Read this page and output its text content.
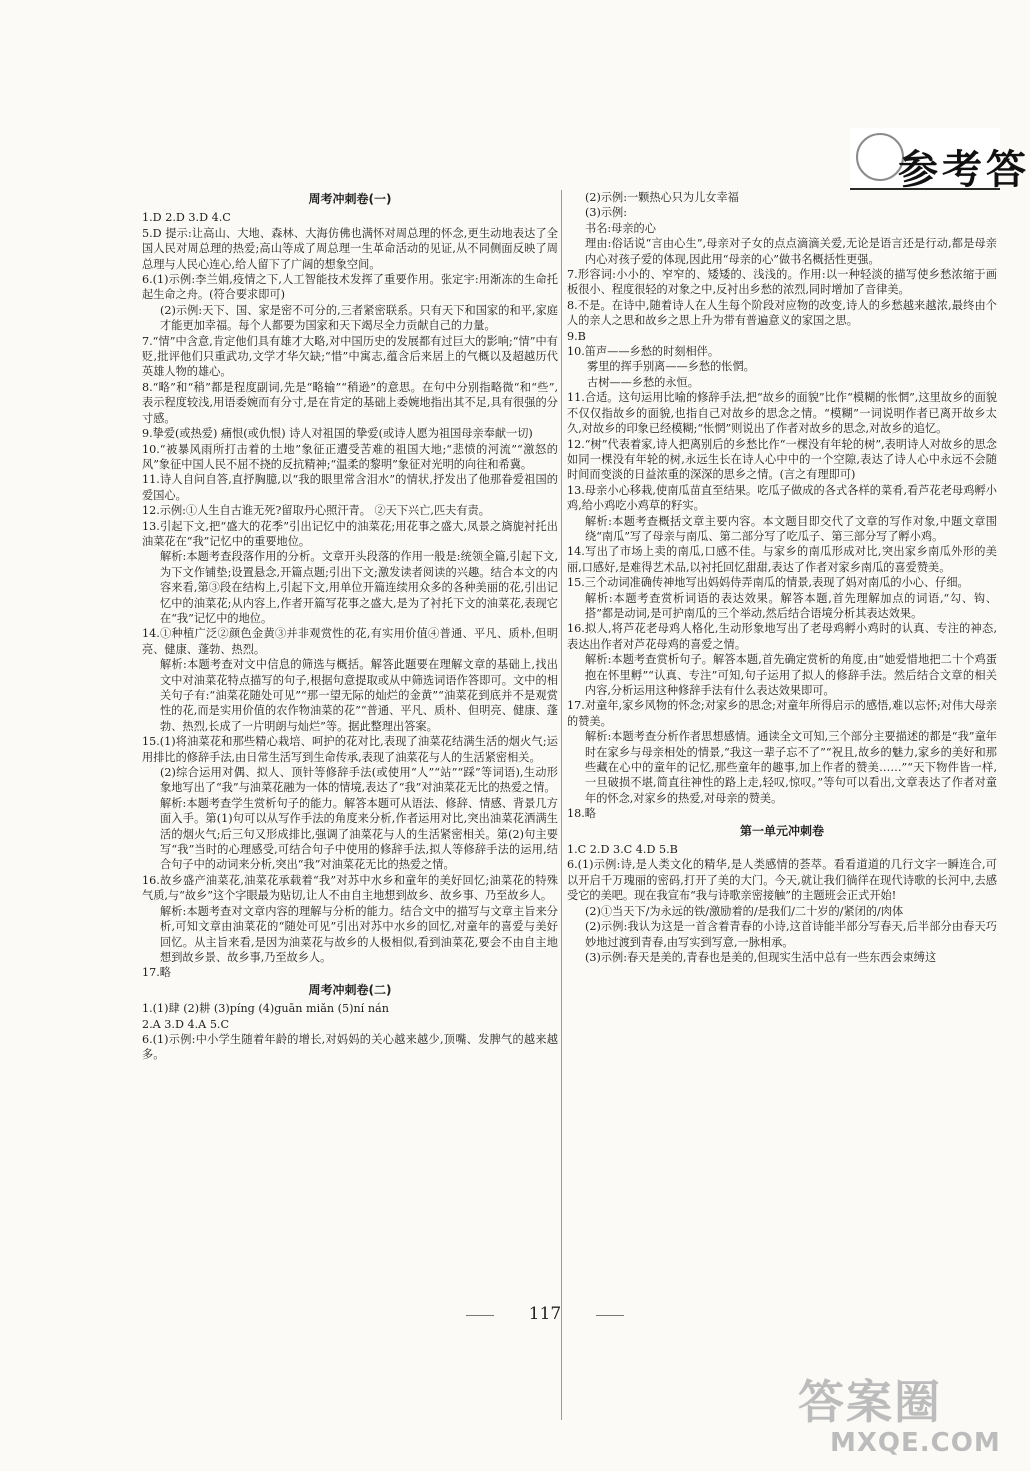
参考答
周考冲刺卷(一)
1.D 2.D 3.D 4.C
5.D 提示:让高山、大地、森林、大海仿佛也满怀对周总理的怀念,更生动地表达了全国人民对周总理的热爱;高山等成了周总理一生革命活动的见证,从不同侧面反映了周总理与人民心连心,给人留下了广阔的想象空间。
6.(1)示例:李兰娟,疫情之下,人工智能技术发挥了重要作用。张定宇:用渐冻的生命托起生命之舟。(符合要求即可)
(2)示例:天下、国、家是密不可分的,三者紧密联系。只有天下和国家的和平,家庭才能更加幸福。每个人都要为国家和天下竭尽全力贡献自己的力量。
7.“情”中含意,肯定他们具有雄才大略,对中国历史的发展都有过巨大的影响;“情”中有贬,批评他们只重武功,文学才华欠缺;“惜”中寓志,蕴含后来居上的气概以及超越历代英雄人物的雄心。
8.“略”和“稍”都是程度副词,先是“略输”“稍逊”的意思。在句中分别指略微“和“些”,表示程度较浅,用语委婉而有分寸,是在肯定的基础上委婉地指出其不足,具有很强的分寸感。
9.挚爱(或热爱) 痛恨(或仇恨) 诗人对祖国的挚爱(或诗人愿为祖国母亲奉献一切)
10.“被暴风雨所打击着的土地”象征正遭受苦难的祖国大地;“悲愤的河流”“激怒的风”象征中国人民不屈不挠的反抗精神;“温柔的黎明”象征对光明的向往和希冀。
11.诗人自问自答,直抒胸臆,以“我的眼里常含泪水”的情状,抒发出了他那眷爱祖国的爱国心。
12.示例:①人生自古谁无死?留取丹心照汗青。 ②天下兴亡,匹夫有责。
13.引起下文,把“盛大的花季”引出记忆中的油菜花;用花事之盛大,凤景之旖旎衬托出油菜花在“我”记忆中的重要地位。
解析:本题考查段落作用的分析。文章开头段落的作用一般是:统领全篇,引起下文,为下文作铺垫;设置悬念,开篇点题;引出下文;激发读者阅读的兴趣。结合本文的内容来看,第③段在结构上,引起下文,用单位开篇连续用众多的各种美丽的花,引出记忆中的油菜花;从内容上,作者开篇写花事之盛大,是为了衬托下文的油菜花,表现它在“我”记忆中的地位。
14.①种植广泛②颜色金黄③并非观赏性的花,有实用价值④普通、平凡、质朴,但明亮、健康、蓬勃、热烈。
解析:本题考查对文中信息的筛选与概括。解答此题要在理解文章的基础上,找出文中对油菜花特点描写的句子,根据句意提取或从中筛选词语作答即可。文中的相关句子有:“油菜花随处可见”“那一望无际的灿烂的金黄”“油菜花到底并不是观赏性的花,而是实用价值的农作物油菜的花”“普通、平凡、质朴、但明亮、健康、蓬勃、热烈,长成了一片明朗与灿烂”等。据此整理出答案。
15.(1)将油菜花和那些精心栽培、呵护的花对比,表现了油菜花结满生活的烟火气;运用排比的修辞手法,由日常生活写到生命传承,表现了油菜花与人的生活紧密相关。
(2)综合运用对偶、拟人、顶针等修辞手法(或使用“人”“站”“踩”等词语),生动形象地写出了“我”与油菜花融为一体的情境,表达了“我”对油菜花无比的热爱之情。
解析:本题考查学生赏析句子的能力。解答本题可从语法、修辞、情感、背景几方面入手。第(1)句可以从写作手法的角度来分析,作者运用对比,突出油菜花洒满生活的烟火气;后三句又形成排比,强调了油菜花与人的生活紧密相关。第(2)句主要写“我”当时的心理感受,可结合句子中使用的修辞手法,拟人等修辞手法的运用,结合句子中的动词来分析,突出“我”对油菜花无比的热爱之情。
16.故乡盛产油菜花,油菜花承载着“我”对苏中水乡和童年的美好回忆;油菜花的特殊气质,与“故乡”这个字眼最为贴切,让人不由自主地想到故乡、故乡事、乃至故乡人。
解析:本题考查对文章内容的理解与分析的能力。结合文中的描写与文章主旨来分析,可知文章由油菜花的“随处可见”引出对苏中水乡的回忆,对童年的喜爱与美好回忆。从主旨来看,是因为油菜花与故乡的人极相似,看到油菜花,要会不由自主地想到故乡景、故乡事,乃至故乡人。
17.略
周考冲刺卷(二)
1.(1)肆 (2)耕 (3)píng (4)guān miǎn (5)ní nán
2.A 3.D 4.A 5.C
6.(1)示例:中小学生随着年龄的增长,对妈妈的关心越来越少,顶嘴、发脾气的越来越多。
(2)示例:一颗热心只为儿女幸福
(3)示例:
书名:母亲的心
理由:俗话说“言由心生”,母亲对子女的点点滴滴关爱,无论是语言还是行动,都是母亲内心对孩子爱的体现,因此用“母亲的心”做书名概括性更强。
7.形容词:小小的、窄窄的、矮矮的、浅浅的。作用:以一种轻淡的描写使乡愁浓缩于画板很小、程度很轻的对象之中,反衬出乡愁的浓烈,同时增加了音律美。
8.不是。在诗中,随着诗人在人生每个阶段对应物的改变,诗人的乡愁越来越浓,最终由个人的亲人之思和故乡之思上升为带有普遍意义的家国之思。
9.B
10.笛声——乡愁的时刻相伴。
雾里的挥手别离——乡愁的怅惘。
古树——乡愁的永恒。
11.合适。这句运用比喻的修辞手法,把“故乡的面貌”比作“模糊的怅惘”,这里故乡的面貌不仅仅指故乡的面貌,也指自己对故乡的思念之情。“模糊”一词说明作者已离开故乡太久,对故乡的印象已经模糊;“怅惘”则说出了作者对故乡的思念,对故乡的追忆。
12.“树”代表着家,诗人把离别后的乡愁比作“一棵没有年轮的树”,表明诗人对故乡的思念如同一棵没有年轮的树,永远生长在诗人心中中的一个空隙,表达了诗人心中永远不会随时间而变淡的日益浓重的深深的思乡之情。(言之有理即可)
13.母亲小心移栽,使南瓜苗直至结果。吃瓜子做成的各式各样的菜肴,看芦花老母鸡孵小鸡,给小鸡吃小鸡草的籽实。
解析:本题考查概括文章主要内容。本文题目即交代了文章的写作对象,中题文章围绕“南瓜”写了母亲与南瓜、第二部分写了吃瓜子、第三部分写了孵小鸡。
14.写出了市场上卖的南瓜,口感不佳。与家乡的南瓜形成对比,突出家乡南瓜外形的美丽,口感好,是难得艺术品,以衬托回忆甜甜,表达了作者对家乡南瓜的喜爱赞美。
15.三个动词准确传神地写出妈妈侍弄南瓜的情景,表现了妈对南瓜的小心、仔细。
解析:本题考查赏析词语的表达效果。解答本题,首先理解加点的词语,“勾、钩、搭”都是动词,是可护南瓜的三个举动,然后结合语境分析其表达效果。
16.拟人,将芦花老母鸡人格化,生动形象地写出了老母鸡孵小鸡时的认真、专注的神态,表达出作者对芦花母鸡的喜爱之情。
解析:本题考查赏析句子。解答本题,首先确定赏析的角度,由“她爱惜地把二十个鸡蛋抱在怀里孵”“认真、专注”可知,句子运用了拟人的修辞手法。然后结合文章的相关内容,分析运用这种修辞手法有什么表达效果即可。
17.对童年,家乡风物的怀念;对家乡的思念;对童年所得启示的感悟,难以忘怀;对伟大母亲的赞美。
解析:本题考查分析作者思想感情。通读全文可知,三个部分主要描述的都是“我”童年时在家乡与母亲相处的情景,“我这一辈子忘不了”“祝且,故乡的魅力,家乡的美好和那些藏在心中的童年的记忆,那些童年的趣事,加上作者的赞美……”“天下物件皆一样,一旦破损不堪,简直往神性的路上走,轻叹,惊叹。”等句可以看出,文章表达了作者对童年的怀念,对家乡的热爱,对母亲的赞美。
18.略
第一单元冲刺卷
1.C 2.D 3.C 4.D 5.B
6.(1)示例:诗,是人类文化的精华,是人类感情的荟萃。看看道道的几行文字一瞬连合,可以开启千万瑰丽的密码,打开了美的大门。今天,就让我们徜徉在现代诗歌的长河中,去感受它的美吧。现在我宣布“我与诗歌亲密接触”的主题班会正式开始!
(2)①当天下/为永远的铁/激励着的/是我们/二十岁的/紧闭的/肉体
(2)示例:我认为这是一首含着青春的小诗,这首诗能半部分写春天,后半部分由春天巧妙地过渡到青春,由写实到写意,一脉相承。
(3)示例:春天是美的,青春也是美的,但现实生活中总有一些东西会束缚这
117
答案圈
MXQE.COM
